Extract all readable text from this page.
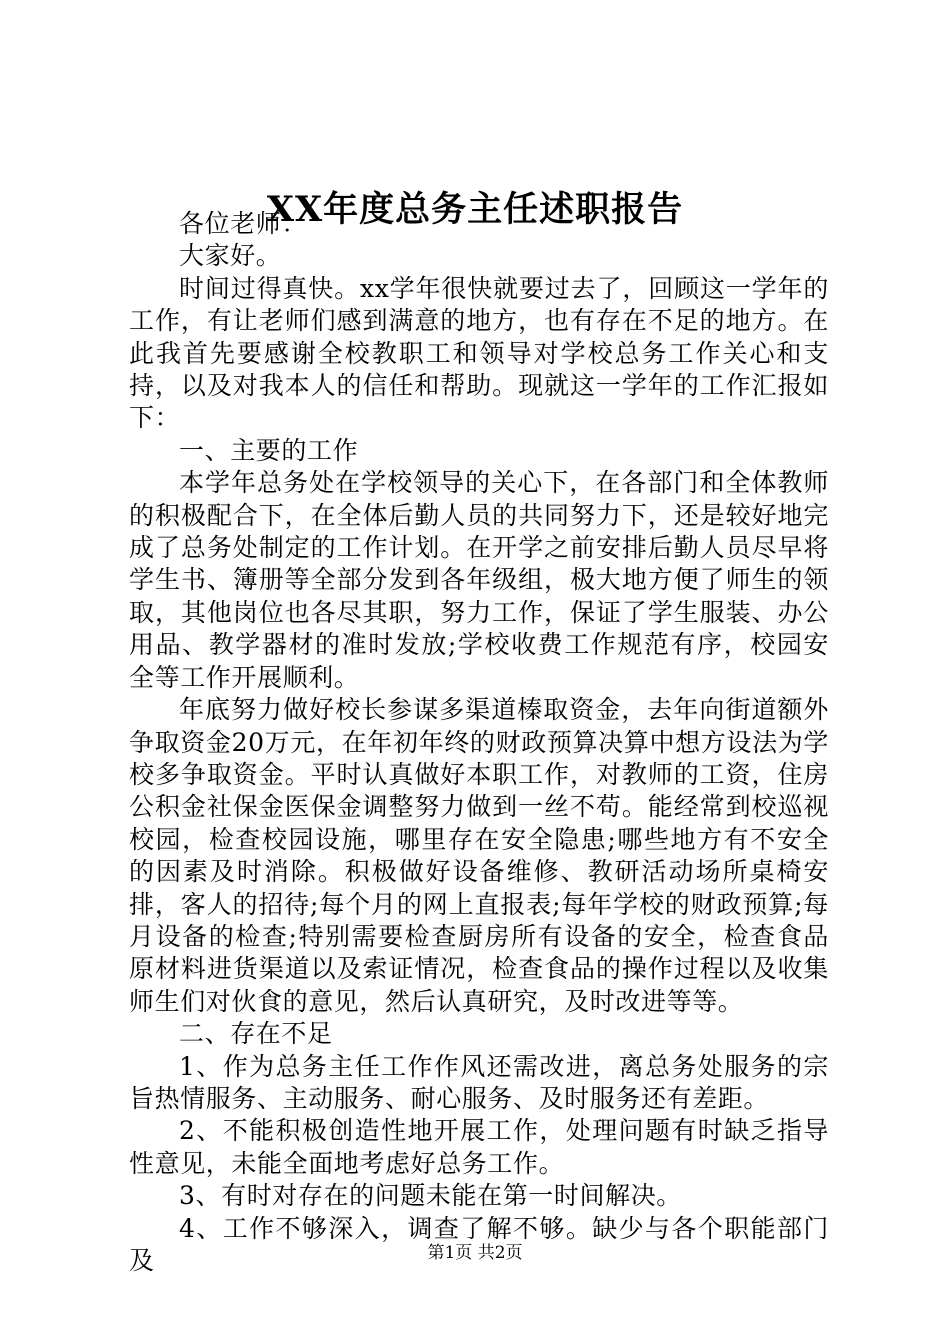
XX年度总务主任述职报告

各位老师：

大家好。

时间过得真快。xx学年很快就要过去了，回顾这一学年的工作，有让老师们感到满意的地方，也有存在不足的地方。在此我首先要感谢全校教职工和领导对学校总务工作关心和支持，以及对我本人的信任和帮助。现就这一学年的工作汇报如下：

一、主要的工作

本学年总务处在学校领导的关心下，在各部门和全体教师的积极配合下，在全体后勤人员的共同努力下，还是较好地完成了总务处制定的工作计划。在开学之前安排后勤人员尽早将学生书、簿册等全部分发到各年级组，极大地方便了师生的领取，其他岗位也各尽其职，努力工作，保证了学生服装、办公用品、教学器材的准时发放;学校收费工作规范有序，校园安全等工作开展顺利。

年底努力做好校长参谋多渠道榛取资金，去年向街道额外争取资金20万元，在年初年终的财政预算决算中想方设法为学校多争取资金。平时认真做好本职工作，对教师的工资，住房公积金社保金医保金调整努力做到一丝不苟。能经常到校巡视校园，检查校园设施，哪里存在安全隐患;哪些地方有不安全的因素及时消除。积极做好设备维修、教研活动场所桌椅安排，客人的招待;每个月的网上直报表;每年学校的财政预算;每月设备的检查;特别需要检查厨房所有设备的安全，检查食品原材料进货渠道以及索证情况，检查食品的操作过程以及收集师生们对伙食的意见，然后认真研究，及时改进等等。

二、存在不足

1、作为总务主任工作作风还需改进，离总务处服务的宗旨热情服务、主动服务、耐心服务、及时服务还有差距。

2、不能积极创造性地开展工作，处理问题有时缺乏指导性意见，未能全面地考虑好总务工作。

3、有时对存在的问题未能在第一时间解决。

4、工作不够深入，调查了解不够。缺少与各个职能部门及	第1页 共2页
